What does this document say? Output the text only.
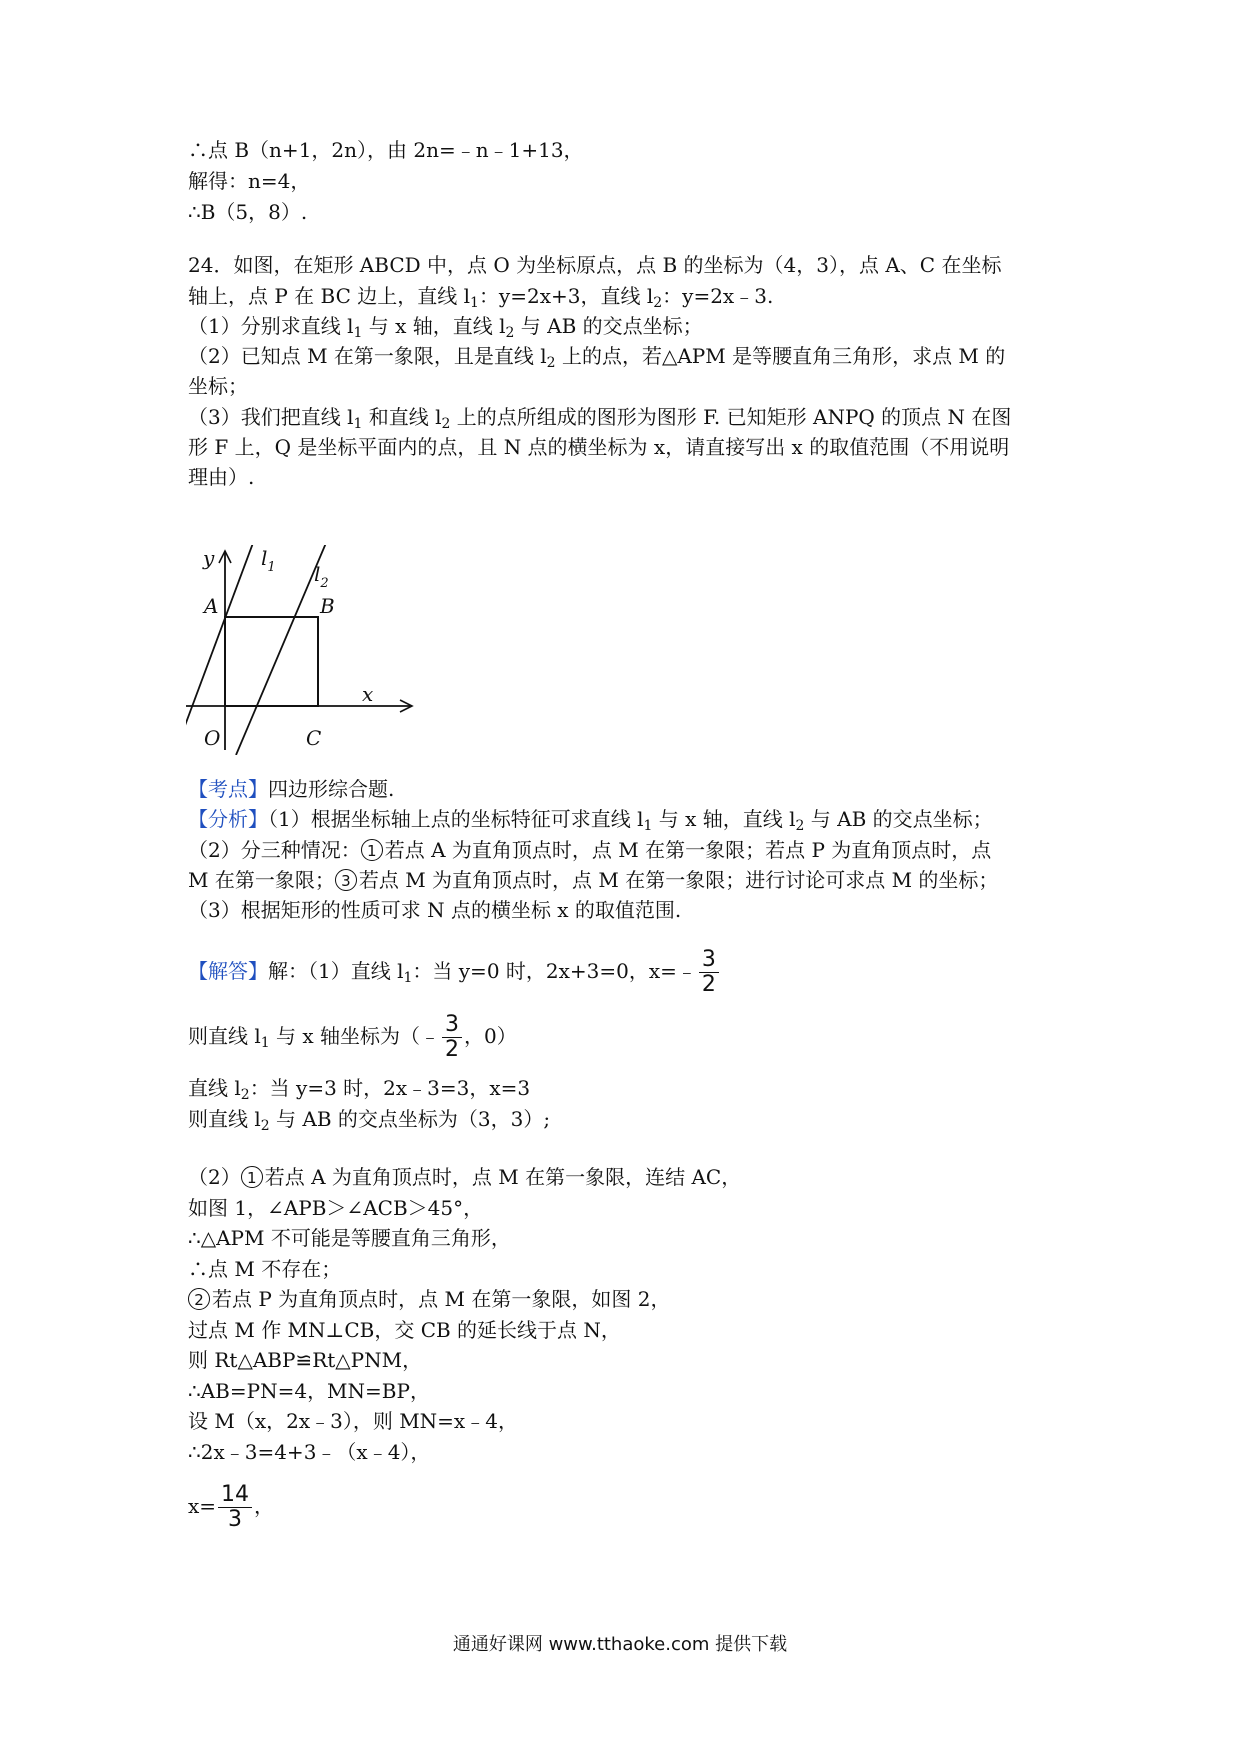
∴点 B（n+1，2n），由 2n=﹣n﹣1+13，
解得：n=4，
∴B（5，8）.
24．如图，在矩形 ABCD 中，点 O 为坐标原点，点 B 的坐标为（4，3），点 A、C 在坐标
轴上，点 P 在 BC 边上，直线 $l_1$：y=2x+3，直线 $l_2$：y=2x﹣3.
（1）分别求直线 $l_1$ 与 x 轴，直线 $l_2$ 与 AB 的交点坐标；
（2）已知点 M 在第一象限，且是直线 $l_2$ 上的点，若△APM 是等腰直角三角形，求点 M 的
坐标；
（3）我们把直线 $l_1$ 和直线 $l_2$ 上的点所组成的图形为图形 F. 已知矩形 ANPQ 的顶点 N 在图
形 F 上，Q 是坐标平面内的点，且 N 点的横坐标为 x，请直接写出 x 的取值范围（不用说明
理由）.
y
x
O
A	B
C
$l_1$ $l_2$
【考点】四边形综合题.
【分析】（1）根据坐标轴上点的坐标特征可求直线 $l_1$ 与 x 轴，直线 $l_2$ 与 AB 的交点坐标；
（2）分三种情况： 1 若点 A 为直角顶点时，点 M 在第一象限；若点 P 为直角顶点时，点
M 在第一象限； 3 若点 M 为直角顶点时，点 M 在第一象限；进行讨论可求点 M 的坐标；
（3）根据矩形的性质可求 N 点的横坐标 x 的取值范围.
【解答】解：（1）直线 $l_1$：当 y=0 时，2x+3=0，x=﹣ $\frac{3}{2}$
则直线 $l_1$ 与 x 轴坐标为（﹣ $\frac{3}{2}$ ，0）
直线 $l_2$：当 y=3 时，2x﹣3=3，x=3
则直线 $l_2$ 与 AB 的交点坐标为（3，3）;
（2） 1 若点 A 为直角顶点时，点 M 在第一象限，连结 AC，
如图 1，∠APB＞∠ACB＞45°，
∴△APM 不可能是等腰直角三角形，
∴点 M 不存在；
2 若点 P 为直角顶点时，点 M 在第一象限，如图 2，
过点 M 作 MN⊥CB，交 CB 的延长线于点 N，
则 Rt△ABP≌Rt△PNM，
∴AB=PN=4，MN=BP，
设 M（x，2x﹣3），则 MN=x﹣4，
∴2x﹣3=4+3﹣（x﹣4），
$x= \frac{14}{3}$ ，
通通好课网 www.tthaoke.com 提供下载
